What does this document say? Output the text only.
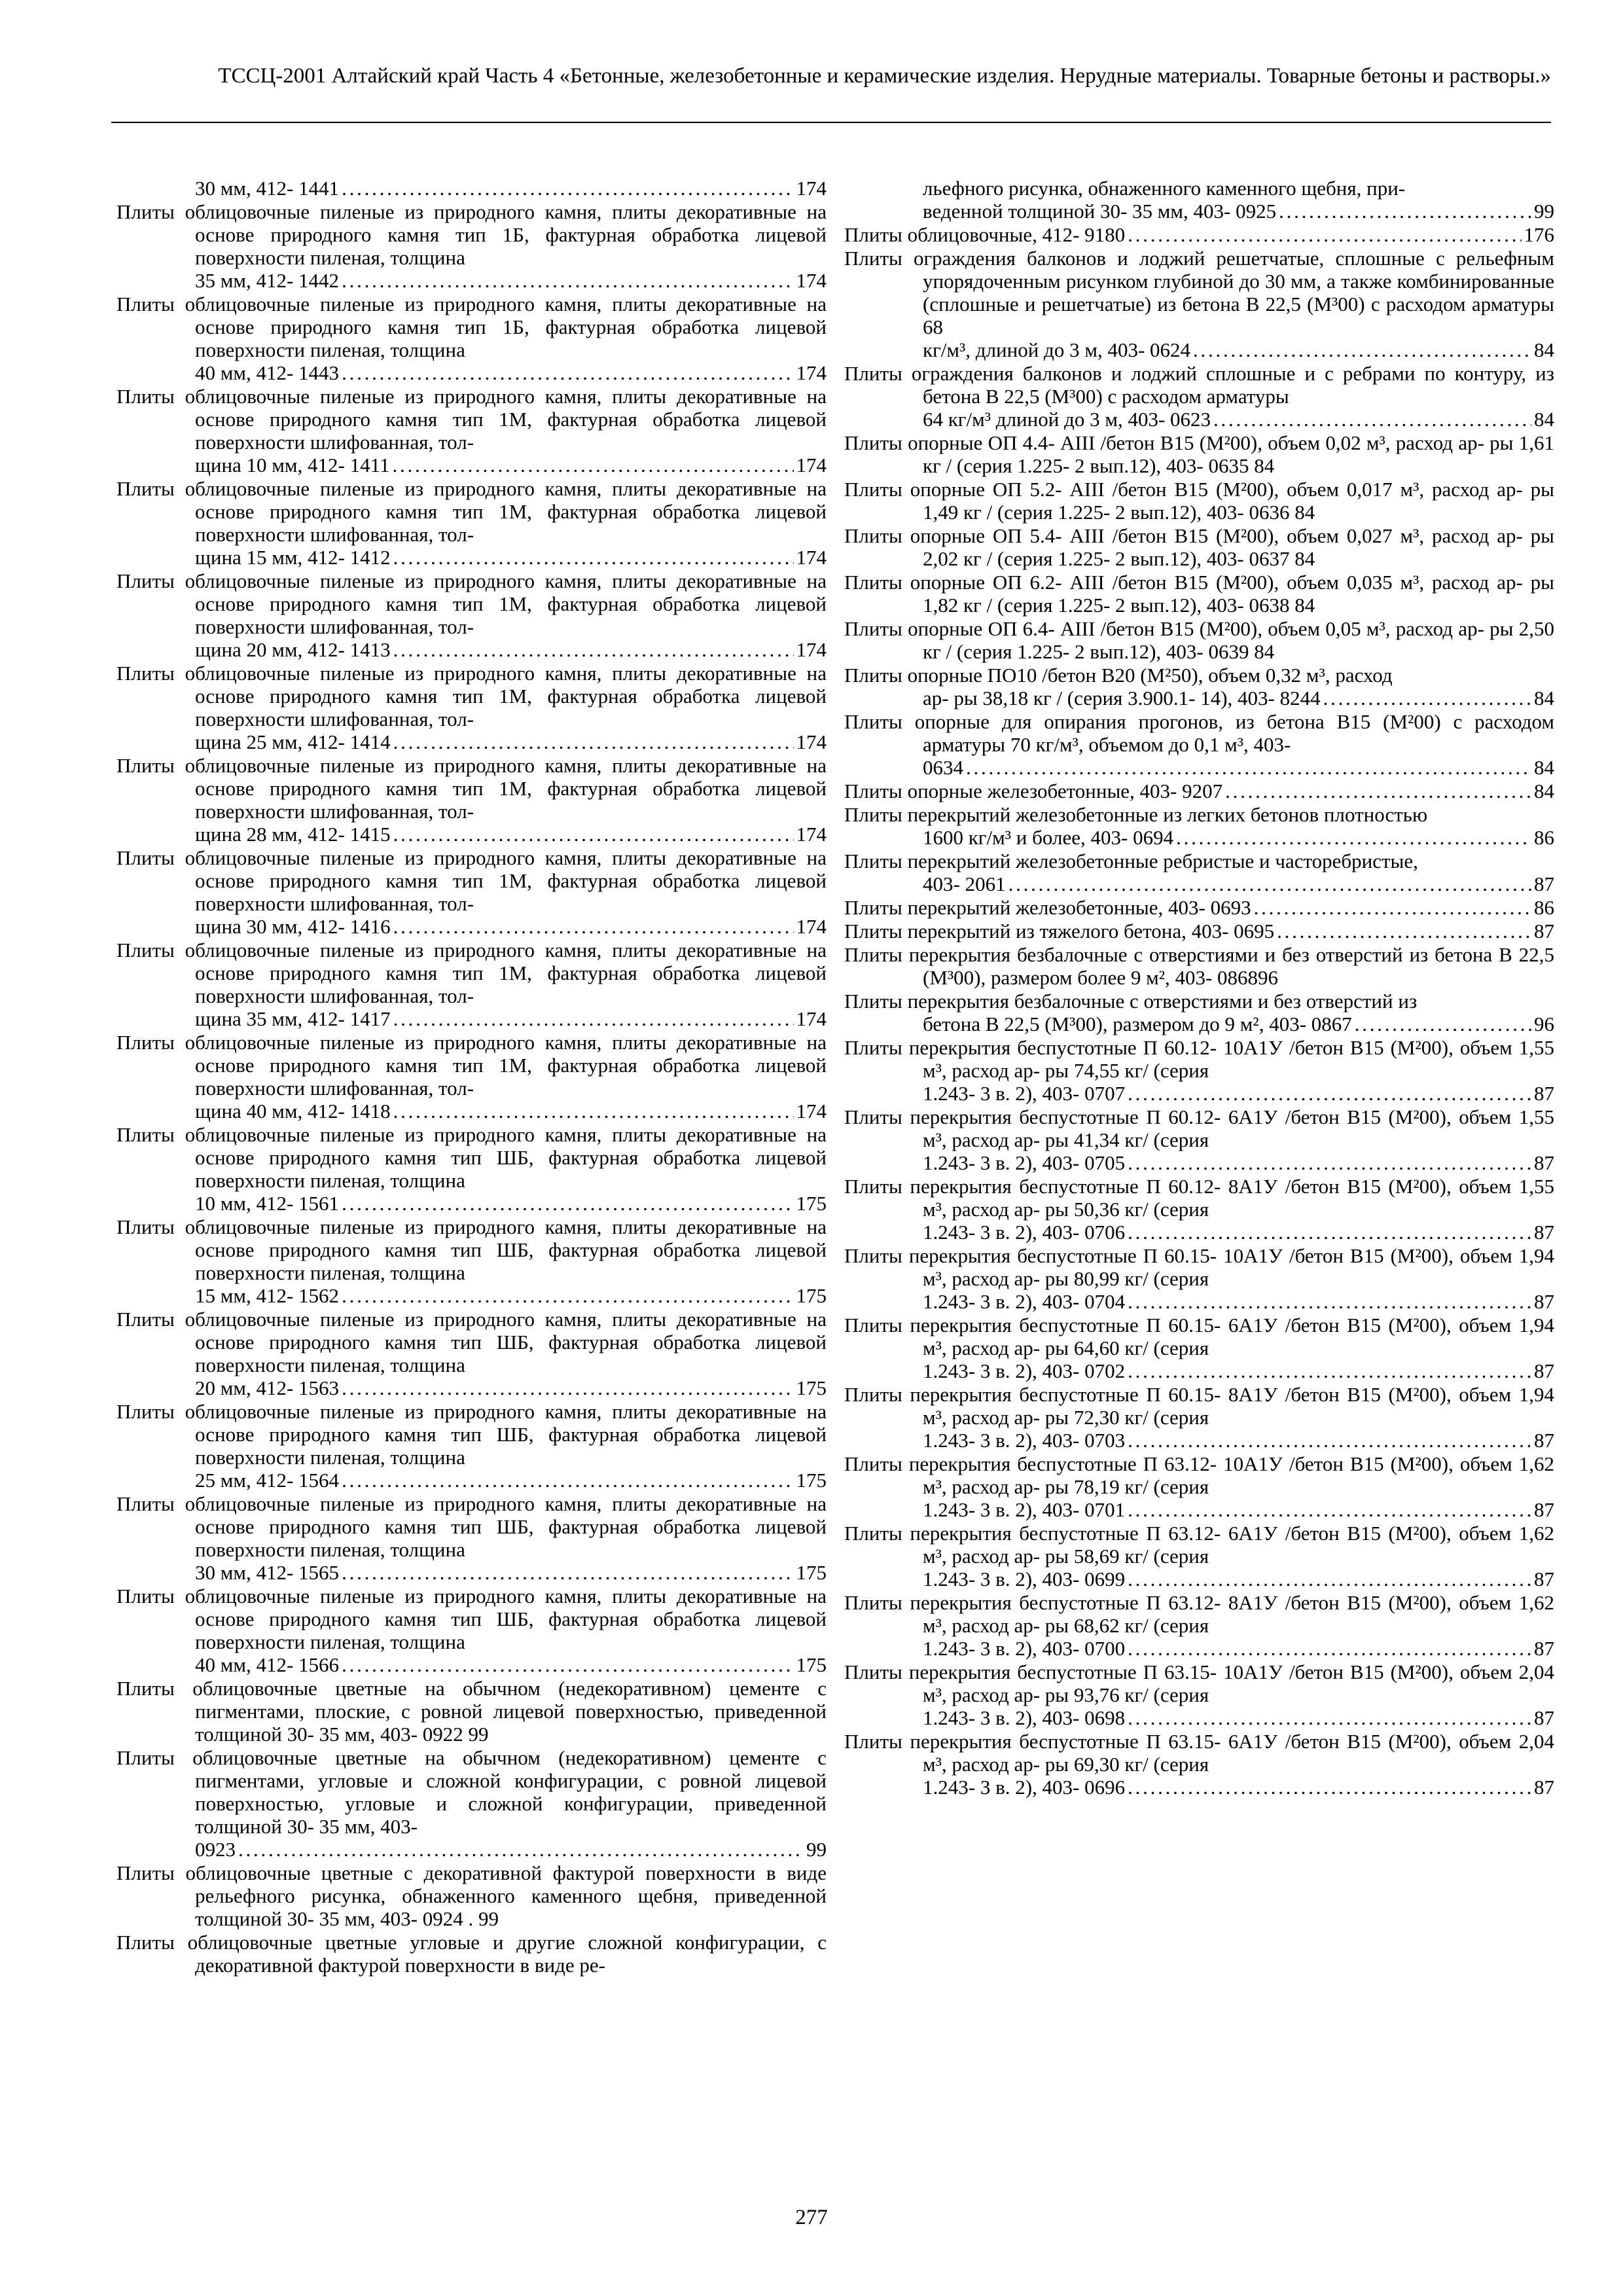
ТССЦ-2001 Алтайский край Часть 4 «Бетонные, железобетонные и керамические изделия. Нерудные материалы. Товарные бетоны и растворы.»
30 мм, 412- 1441 . . .	174
Плиты облицовочные пиленые из природного камня, плиты декоративные на основе природного камня тип 1Б, фактурная обработка лицевой поверхности пиленая, толщина
35 мм, 412- 1442 . . .	174
Плиты облицовочные пиленые из природного камня, плиты декоративные на основе природного камня тип 1Б, фактурная обработка лицевой поверхности пиленая, толщина
40 мм, 412- 1443 . . .	174
Плиты облицовочные пиленые из природного камня, плиты декоративные на основе природного камня тип 1М, фактурная обработка лицевой поверхности шлифованная, тол-
щина 10 мм, 412- 1411 . . .	174
Плиты облицовочные пиленые из природного камня, плиты декоративные на основе природного камня тип 1М, фактурная обработка лицевой поверхности шлифованная, тол-
щина 15 мм, 412- 1412 . . .	174
Плиты облицовочные пиленые из природного камня, плиты декоративные на основе природного камня тип 1М, фактурная обработка лицевой поверхности шлифованная, тол-
щина 20 мм, 412- 1413 . . .	174
Плиты облицовочные пиленые из природного камня, плиты декоративные на основе природного камня тип 1М, фактурная обработка лицевой поверхности шлифованная, тол-
щина 25 мм, 412- 1414 . . .	174
Плиты облицовочные пиленые из природного камня, плиты декоративные на основе природного камня тип 1М, фактурная обработка лицевой поверхности шлифованная, тол-
щина 28 мм, 412- 1415 . . .	174
Плиты облицовочные пиленые из природного камня, плиты декоративные на основе природного камня тип 1М, фактурная обработка лицевой поверхности шлифованная, тол-
щина 30 мм, 412- 1416 . . .	174
Плиты облицовочные пиленые из природного камня, плиты декоративные на основе природного камня тип 1М, фактурная обработка лицевой поверхности шлифованная, тол-
щина 35 мм, 412- 1417 . . .	174
Плиты облицовочные пиленые из природного камня, плиты декоративные на основе природного камня тип 1М, фактурная обработка лицевой поверхности шлифованная, тол-
щина 40 мм, 412- 1418 . . .	174
Плиты облицовочные пиленые из природного камня, плиты декоративные на основе природного камня тип ШБ, фактурная обработка лицевой поверхности пиленая, толщина
10 мм, 412- 1561 . . .	175
Плиты облицовочные пиленые из природного камня, плиты декоративные на основе природного камня тип ШБ, фактурная обработка лицевой поверхности пиленая, толщина
15 мм, 412- 1562 . . .	175
Плиты облицовочные пиленые из природного камня, плиты декоративные на основе природного камня тип ШБ, фактурная обработка лицевой поверхности пиленая, толщина
20 мм, 412- 1563 . . .	175
Плиты облицовочные пиленые из природного камня, плиты декоративные на основе природного камня тип ШБ, фактурная обработка лицевой поверхности пиленая, толщина
25 мм, 412- 1564 . . .	175
Плиты облицовочные пиленые из природного камня, плиты декоративные на основе природного камня тип ШБ, фактурная обработка лицевой поверхности пиленая, толщина
30 мм, 412- 1565 . . .	175
Плиты облицовочные пиленые из природного камня, плиты декоративные на основе природного камня тип ШБ, фактурная обработка лицевой поверхности пиленая, толщина
40 мм, 412- 1566 . . .	175
Плиты облицовочные цветные на обычном (недекоративном) цементе с пигментами, плоские, с ровной лицевой поверхностью, приведенной толщиной 30- 35 мм, 403- 0922 99
Плиты облицовочные цветные на обычном (недекоративном) цементе с пигментами, угловые и сложной конфигурации, с ровной лицевой поверхностью, угловые и сложной конфигурации, приведенной толщиной 30- 35 мм, 403-
0923 . . .	99
Плиты облицовочные цветные с декоративной фактурой поверхности в виде рельефного рисунка, обнаженного каменного щебня, приведенной толщиной 30- 35 мм, 403- 0924 . 99
Плиты облицовочные цветные угловые и другие сложной конфигурации, с декоративной фактурой поверхности в виде ре-
льефного рисунка, обнаженного каменного щебня, при-
веденной толщиной 30- 35 мм, 403- 0925 . . .	99
Плиты облицовочные, 412- 9180 . . .	176
Плиты ограждения балконов и лоджий решетчатые, сплошные с рельефным упорядоченным рисунком глубиной до 30 мм, а также комбинированные (сплошные и решетчатые) из бетона В 22,5 (М³00) с расходом арматуры 68
кг/м³, длиной до 3 м, 403- 0624 . . .	84
Плиты ограждения балконов и лоджий сплошные и с ребрами по контуру, из бетона В 22,5 (М³00) с расходом арматуры
64 кг/м³ длиной до 3 м, 403- 0623 . . .	84
Плиты опорные ОП 4.4- АIII /бетон В15 (М²00), объем 0,02 м³, расход ар- ры 1,61 кг / (серия 1.225- 2 вып.12), 403- 0635 84
Плиты опорные ОП 5.2- АIII /бетон В15 (М²00), объем 0,017 м³, расход ар- ры 1,49 кг / (серия 1.225- 2 вып.12), 403- 0636 84
Плиты опорные ОП 5.4- АIII /бетон В15 (М²00), объем 0,027 м³, расход ар- ры 2,02 кг / (серия 1.225- 2 вып.12), 403- 0637 84
Плиты опорные ОП 6.2- АIII /бетон В15 (М²00), объем 0,035 м³, расход ар- ры 1,82 кг / (серия 1.225- 2 вып.12), 403- 0638 84
Плиты опорные ОП 6.4- АIII /бетон В15 (М²00), объем 0,05 м³, расход ар- ры 2,50 кг / (серия 1.225- 2 вып.12), 403- 0639 84
Плиты опорные ПО10 /бетон В20 (М²50), объем 0,32 м³, расход
ар- ры 38,18 кг / (серия 3.900.1- 14), 403- 8244 . . .	84
Плиты опорные для опирания прогонов, из бетона В15 (М²00) с расходом арматуры 70 кг/м³, объемом до 0,1 м³, 403-
0634 . . .	84
Плиты опорные железобетонные, 403- 9207 . . .	84
Плиты перекрытий железобетонные из легких бетонов плотностью
1600 кг/м³ и более, 403- 0694 . . .	86
Плиты перекрытий железобетонные ребристые и часторебристые,
403- 2061 . . .	87
Плиты перекрытий железобетонные, 403- 0693 . . .	86
Плиты перекрытий из тяжелого бетона, 403- 0695 . . .	87
Плиты перекрытия безбалочные с отверстиями и без отверстий из бетона В 22,5 (М³00), размером более 9 м², 403- 086896
Плиты перекрытия безбалочные с отверстиями и без отверстий из
бетона В 22,5 (М³00), размером до 9 м², 403- 0867 . . .	96
Плиты перекрытия беспустотные П 60.12- 10А1У /бетон В15 (М²00), объем 1,55 м³, расход ар- ры 74,55 кг/ (серия
1.243- 3 в. 2), 403- 0707 . . .	87
Плиты перекрытия беспустотные П 60.12- 6А1У /бетон В15 (М²00), объем 1,55 м³, расход ар- ры 41,34 кг/ (серия
1.243- 3 в. 2), 403- 0705 . . .	87
Плиты перекрытия беспустотные П 60.12- 8А1У /бетон В15 (М²00), объем 1,55 м³, расход ар- ры 50,36 кг/ (серия
1.243- 3 в. 2), 403- 0706 . . .	87
Плиты перекрытия беспустотные П 60.15- 10А1У /бетон В15 (М²00), объем 1,94 м³, расход ар- ры 80,99 кг/ (серия
1.243- 3 в. 2), 403- 0704 . . .	87
Плиты перекрытия беспустотные П 60.15- 6А1У /бетон В15 (М²00), объем 1,94 м³, расход ар- ры 64,60 кг/ (серия
1.243- 3 в. 2), 403- 0702 . . .	87
Плиты перекрытия беспустотные П 60.15- 8А1У /бетон В15 (М²00), объем 1,94 м³, расход ар- ры 72,30 кг/ (серия
1.243- 3 в. 2), 403- 0703 . . .	87
Плиты перекрытия беспустотные П 63.12- 10А1У /бетон В15 (М²00), объем 1,62 м³, расход ар- ры 78,19 кг/ (серия
1.243- 3 в. 2), 403- 0701 . . .	87
Плиты перекрытия беспустотные П 63.12- 6А1У /бетон В15 (М²00), объем 1,62 м³, расход ар- ры 58,69 кг/ (серия
1.243- 3 в. 2), 403- 0699 . . .	87
Плиты перекрытия беспустотные П 63.12- 8А1У /бетон В15 (М²00), объем 1,62 м³, расход ар- ры 68,62 кг/ (серия
1.243- 3 в. 2), 403- 0700 . . .	87
Плиты перекрытия беспустотные П 63.15- 10А1У /бетон В15 (М²00), объем 2,04 м³, расход ар- ры 93,76 кг/ (серия
1.243- 3 в. 2), 403- 0698 . . .	87
Плиты перекрытия беспустотные П 63.15- 6А1У /бетон В15 (М²00), объем 2,04 м³, расход ар- ры 69,30 кг/ (серия
1.243- 3 в. 2), 403- 0696 . . .	87
277
